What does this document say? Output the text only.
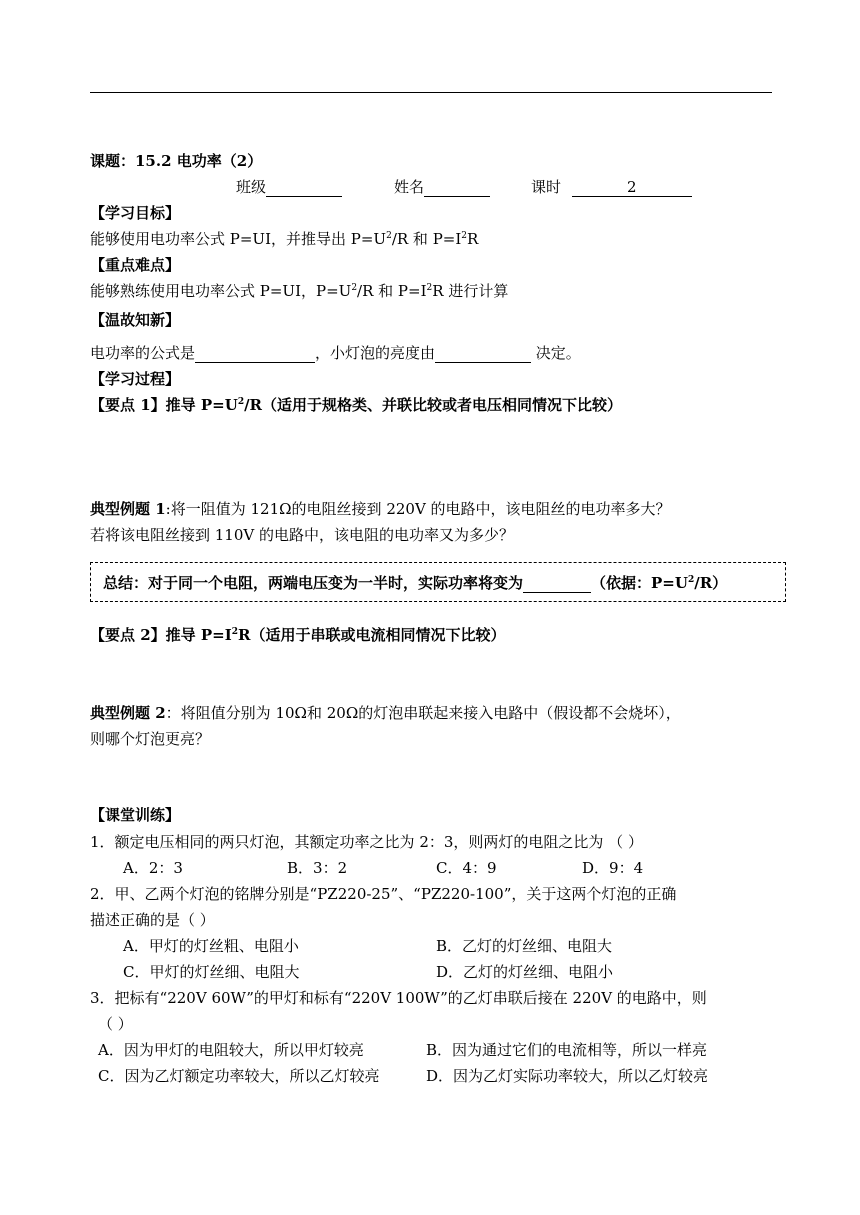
课题：15.2 电功率（2）
班级	姓名	课时	2
【学习目标】
能够使用电功率公式 P=UI，并推导出 $P=U^2/R$ 和 $P=I^2R$
【重点难点】
能够熟练使用电功率公式 P=UI，$P=U^2/R$ 和 $P=I^2R$ 进行计算
【温故知新】
电功率的公式是	，小灯泡的亮度由	决定。
【学习过程】
【要点 1】推导 $P=U^2/R$（适用于规格类、并联比较或者电压相同情况下比较）
典型例题 1:将一阻值为 121Ω的电阻丝接到 220V 的电路中，该电阻丝的电功率多大？
若将该电阻丝接到 110V 的电路中，该电阻的电功率又为多少？
总结：对于同一个电阻，两端电压变为一半时，实际功率将变为	（依据：$P=U^2/R$）
【要点 2】推导 $P=I^2R$（适用于串联或电流相同情况下比较）
典型例题 2：将阻值分别为 10Ω和 20Ω的灯泡串联起来接入电路中（假设都不会烧坏），
则哪个灯泡更亮？
【课堂训练】
1．额定电压相同的两只灯泡，其额定功率之比为 2：3，则两灯的电阻之比为 （ ）
A．2：3	B．3：2	C．4：9	D．9：4
2．甲、乙两个灯泡的铭牌分别是“PZ220-25”、“PZ220-100”，关于这两个灯泡的正确
描述正确的是（ ）
A．甲灯的灯丝粗、电阻小	B．乙灯的灯丝细、电阻大
C．甲灯的灯丝细、电阻大	D．乙灯的灯丝细、电阻小
3．把标有“220V 60W”的甲灯和标有“220V 100W”的乙灯串联后接在 220V 的电路中，则
（ ）
A．因为甲灯的电阻较大，所以甲灯较亮	B．因为通过它们的电流相等，所以一样亮
C．因为乙灯额定功率较大，所以乙灯较亮	D．因为乙灯实际功率较大，所以乙灯较亮
